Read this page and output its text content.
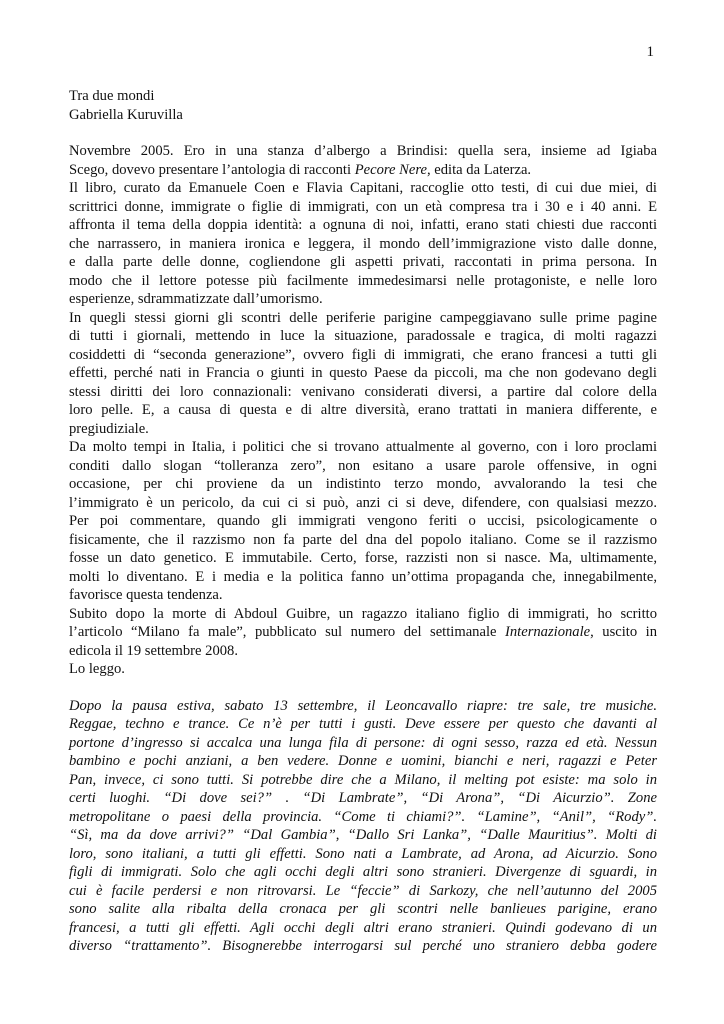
1
Tra due mondi
Gabriella Kuruvilla
Novembre 2005. Ero in una stanza d’albergo a Brindisi: quella sera, insieme ad Igiaba
Scego, dovevo presentare l’antologia di racconti Pecore Nere, edita da Laterza.
Il libro, curato da Emanuele Coen e Flavia Capitani, raccoglie otto testi, di cui due miei, di
scrittrici donne, immigrate o figlie di immigrati, con un età compresa tra i 30 e i 40 anni. E
affronta il tema della doppia identità: a ognuna di noi, infatti, erano stati chiesti due racconti
che narrassero, in maniera ironica e leggera, il mondo dell’immigrazione visto dalle donne,
e dalla parte delle donne, cogliendone gli aspetti privati, raccontati in prima persona. In
modo che il lettore potesse più facilmente immedesimarsi nelle protagoniste, e nelle loro
esperienze, sdrammatizzate dall’umorismo.
In quegli stessi giorni gli scontri delle periferie parigine campeggiavano sulle prime pagine
di tutti i giornali, mettendo in luce la situazione, paradossale e tragica, di molti ragazzi
cosiddetti di “seconda generazione”, ovvero figli di immigrati, che erano francesi a tutti gli
effetti, perché nati in Francia o giunti in questo Paese da piccoli, ma che non godevano degli
stessi diritti dei loro connazionali: venivano considerati diversi, a partire dal colore della
loro pelle. E, a causa di questa e di altre diversità, erano trattati in maniera differente, e
pregiudiziale.
Da molto tempi in Italia, i politici che si trovano attualmente al governo, con i loro proclami
conditi dallo slogan “tolleranza zero”, non esitano a usare parole offensive, in ogni
occasione, per chi proviene da un indistinto terzo mondo, avvalorando la tesi che
l’immigrato è un pericolo, da cui ci si può, anzi ci si deve, difendere, con qualsiasi mezzo.
Per poi commentare, quando gli immigrati vengono feriti o uccisi, psicologicamente o
fisicamente, che il razzismo non fa parte del dna del popolo italiano. Come se il razzismo
fosse un dato genetico. E immutabile. Certo, forse, razzisti non si nasce. Ma, ultimamente,
molti lo diventano. E i media e la politica fanno un’ottima propaganda che, innegabilmente,
favorisce questa tendenza.
Subito dopo la morte di Abdoul Guibre, un ragazzo italiano figlio di immigrati, ho scritto
l’articolo “Milano fa male”, pubblicato sul numero del settimanale Internazionale, uscito in
edicola il 19 settembre 2008.
Lo leggo.
Dopo la pausa estiva, sabato 13 settembre, il Leoncavallo riapre: tre sale, tre musiche.
Reggae, techno e trance. Ce n’è per tutti i gusti. Deve essere per questo che davanti al
portone d’ingresso si accalca una lunga fila di persone: di ogni sesso, razza ed età. Nessun
bambino e pochi anziani, a ben vedere. Donne e uomini, bianchi e neri, ragazzi e Peter
Pan, invece, ci sono tutti. Si potrebbe dire che a Milano, il melting pot esiste: ma solo in
certi luoghi. “Di dove sei?” . “Di Lambrate”, “Di Arona”, “Di Aicurzio”. Zone
metropolitane o paesi della provincia. “Come ti chiami?”. “Lamine”, “Anil”, “Rody”.
“Sì, ma da dove arrivi?” “Dal Gambia”, “Dallo Sri Lanka”, “Dalle Mauritius”. Molti di
loro, sono italiani, a tutti gli effetti. Sono nati a Lambrate, ad Arona, ad Aicurzio. Sono
figli di immigrati. Solo che agli occhi degli altri sono stranieri. Divergenze di sguardi, in
cui è facile perdersi e non ritrovarsi. Le “feccie” di Sarkozy, che nell’autunno del 2005
sono salite alla ribalta della cronaca per gli scontri nelle banlieues parigine, erano
francesi, a tutti gli effetti. Agli occhi degli altri erano stranieri. Quindi godevano di un
diverso “trattamento”. Bisognerebbe interrogarsi sul perché uno straniero debba godere
